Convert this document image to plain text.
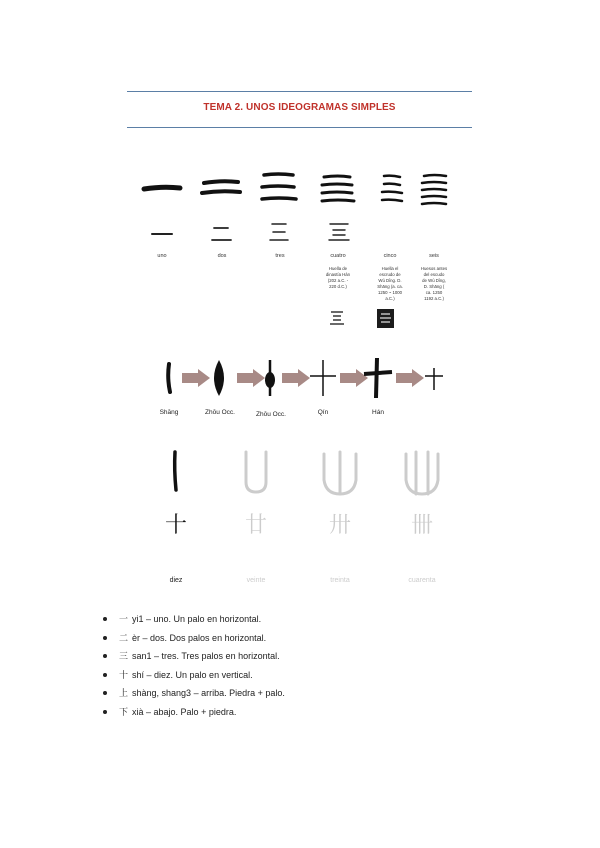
TEMA 2. UNOS IDEOGRAMAS SIMPLES
uno	dos	tres	cuatro	cinco	seis
Huella de
dinastía Hán
(202 a.C. -
220 d.C.)
Huella el
escrudo de
Wú Dǐng. D.
Shāng (a. ca.
1250 ~ 1000
a.C.)
Huesos antes
del escudo
de Wú Dǐng,
D. Shāng (
ca. 1250
1192 a.C.)
Shāng	Zhōu Occ.	Zhōu Occ.	Qín	Hán
十	廿	卅	卌
diez	veinte	treinta	cuarenta
一 yi1 – uno. Un palo en horizontal.
二 èr – dos. Dos palos en horizontal.
三 san1 – tres. Tres palos en horizontal.
十 shí – diez. Un palo en vertical.
上 shàng, shang3 – arriba. Piedra + palo.
下 xià – abajo. Palo + piedra.
